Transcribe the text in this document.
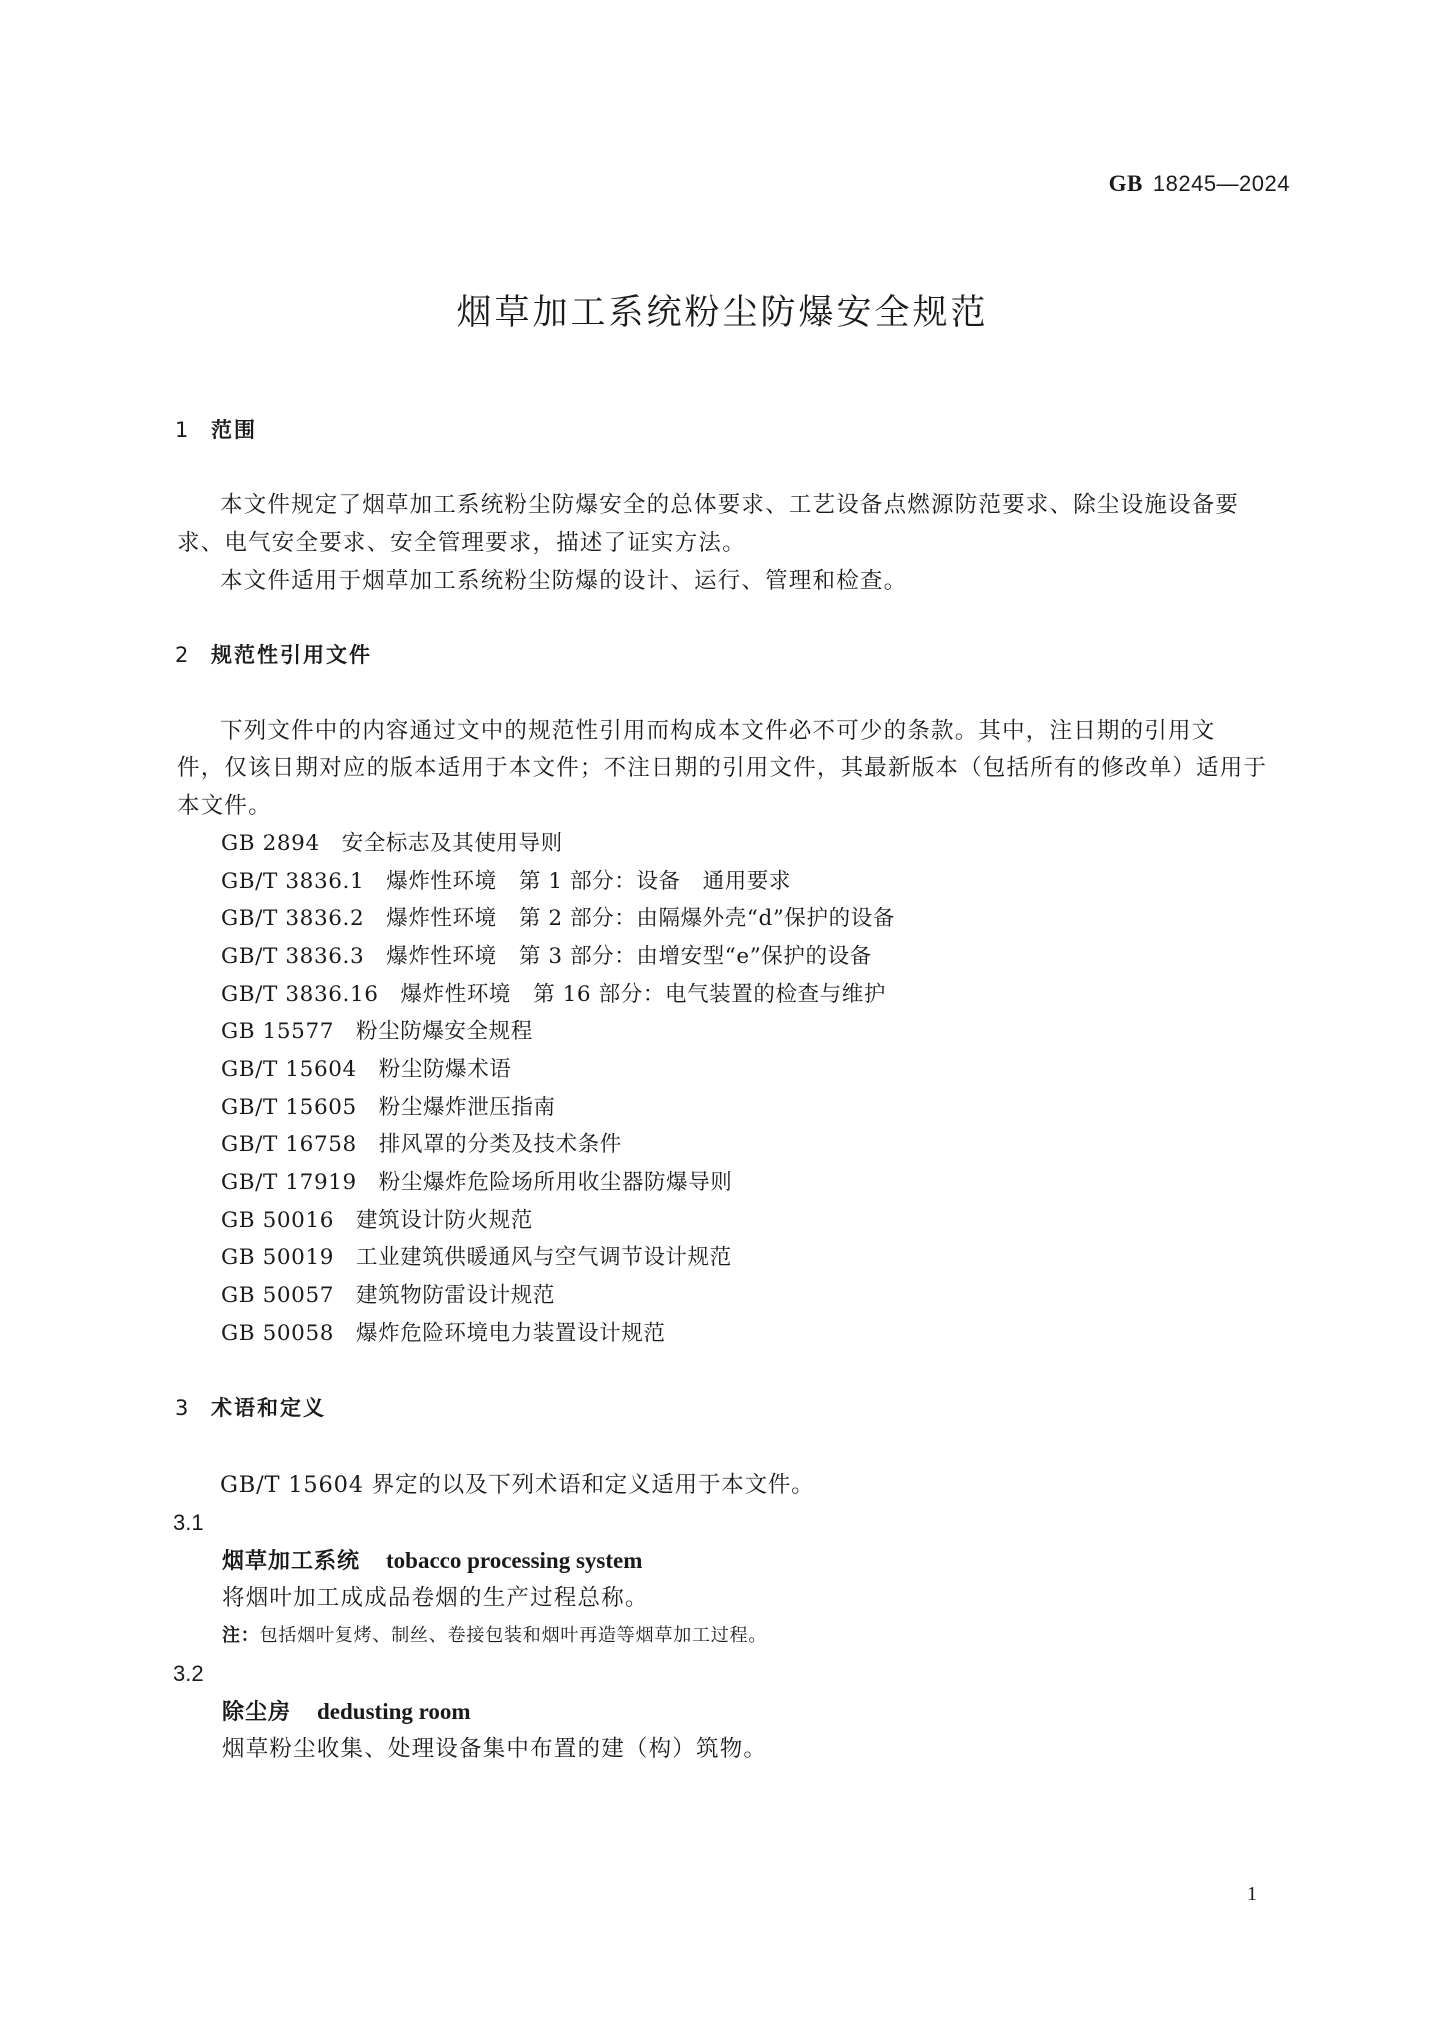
GB 18245—2024
烟草加工系统粉尘防爆安全规范
1 范围
本文件规定了烟草加工系统粉尘防爆安全的总体要求、工艺设备点燃源防范要求、除尘设施设备要
求、电气安全要求、安全管理要求，描述了证实方法。
本文件适用于烟草加工系统粉尘防爆的设计、运行、管理和检查。
2 规范性引用文件
下列文件中的内容通过文中的规范性引用而构成本文件必不可少的条款。其中，注日期的引用文
件，仅该日期对应的版本适用于本文件；不注日期的引用文件，其最新版本（包括所有的修改单）适用于
本文件。
GB 2894 安全标志及其使用导则
GB/T 3836.1 爆炸性环境　第 1 部分：设备　通用要求
GB/T 3836.2 爆炸性环境　第 2 部分：由隔爆外壳“d”保护的设备
GB/T 3836.3 爆炸性环境　第 3 部分：由增安型“e”保护的设备
GB/T 3836.16 爆炸性环境　第 16 部分：电气装置的检查与维护
GB 15577 粉尘防爆安全规程
GB/T 15604 粉尘防爆术语
GB/T 15605 粉尘爆炸泄压指南
GB/T 16758 排风罩的分类及技术条件
GB/T 17919 粉尘爆炸危险场所用收尘器防爆导则
GB 50016 建筑设计防火规范
GB 50019 工业建筑供暖通风与空气调节设计规范
GB 50057 建筑物防雷设计规范
GB 50058 爆炸危险环境电力装置设计规范
3 术语和定义
GB/T 15604 界定的以及下列术语和定义适用于本文件。
3.1
烟草加工系统 tobacco processing system
将烟叶加工成成品卷烟的生产过程总称。
注：包括烟叶复烤、制丝、卷接包装和烟叶再造等烟草加工过程。
3.2
除尘房 dedusting room
烟草粉尘收集、处理设备集中布置的建（构）筑物。
1
